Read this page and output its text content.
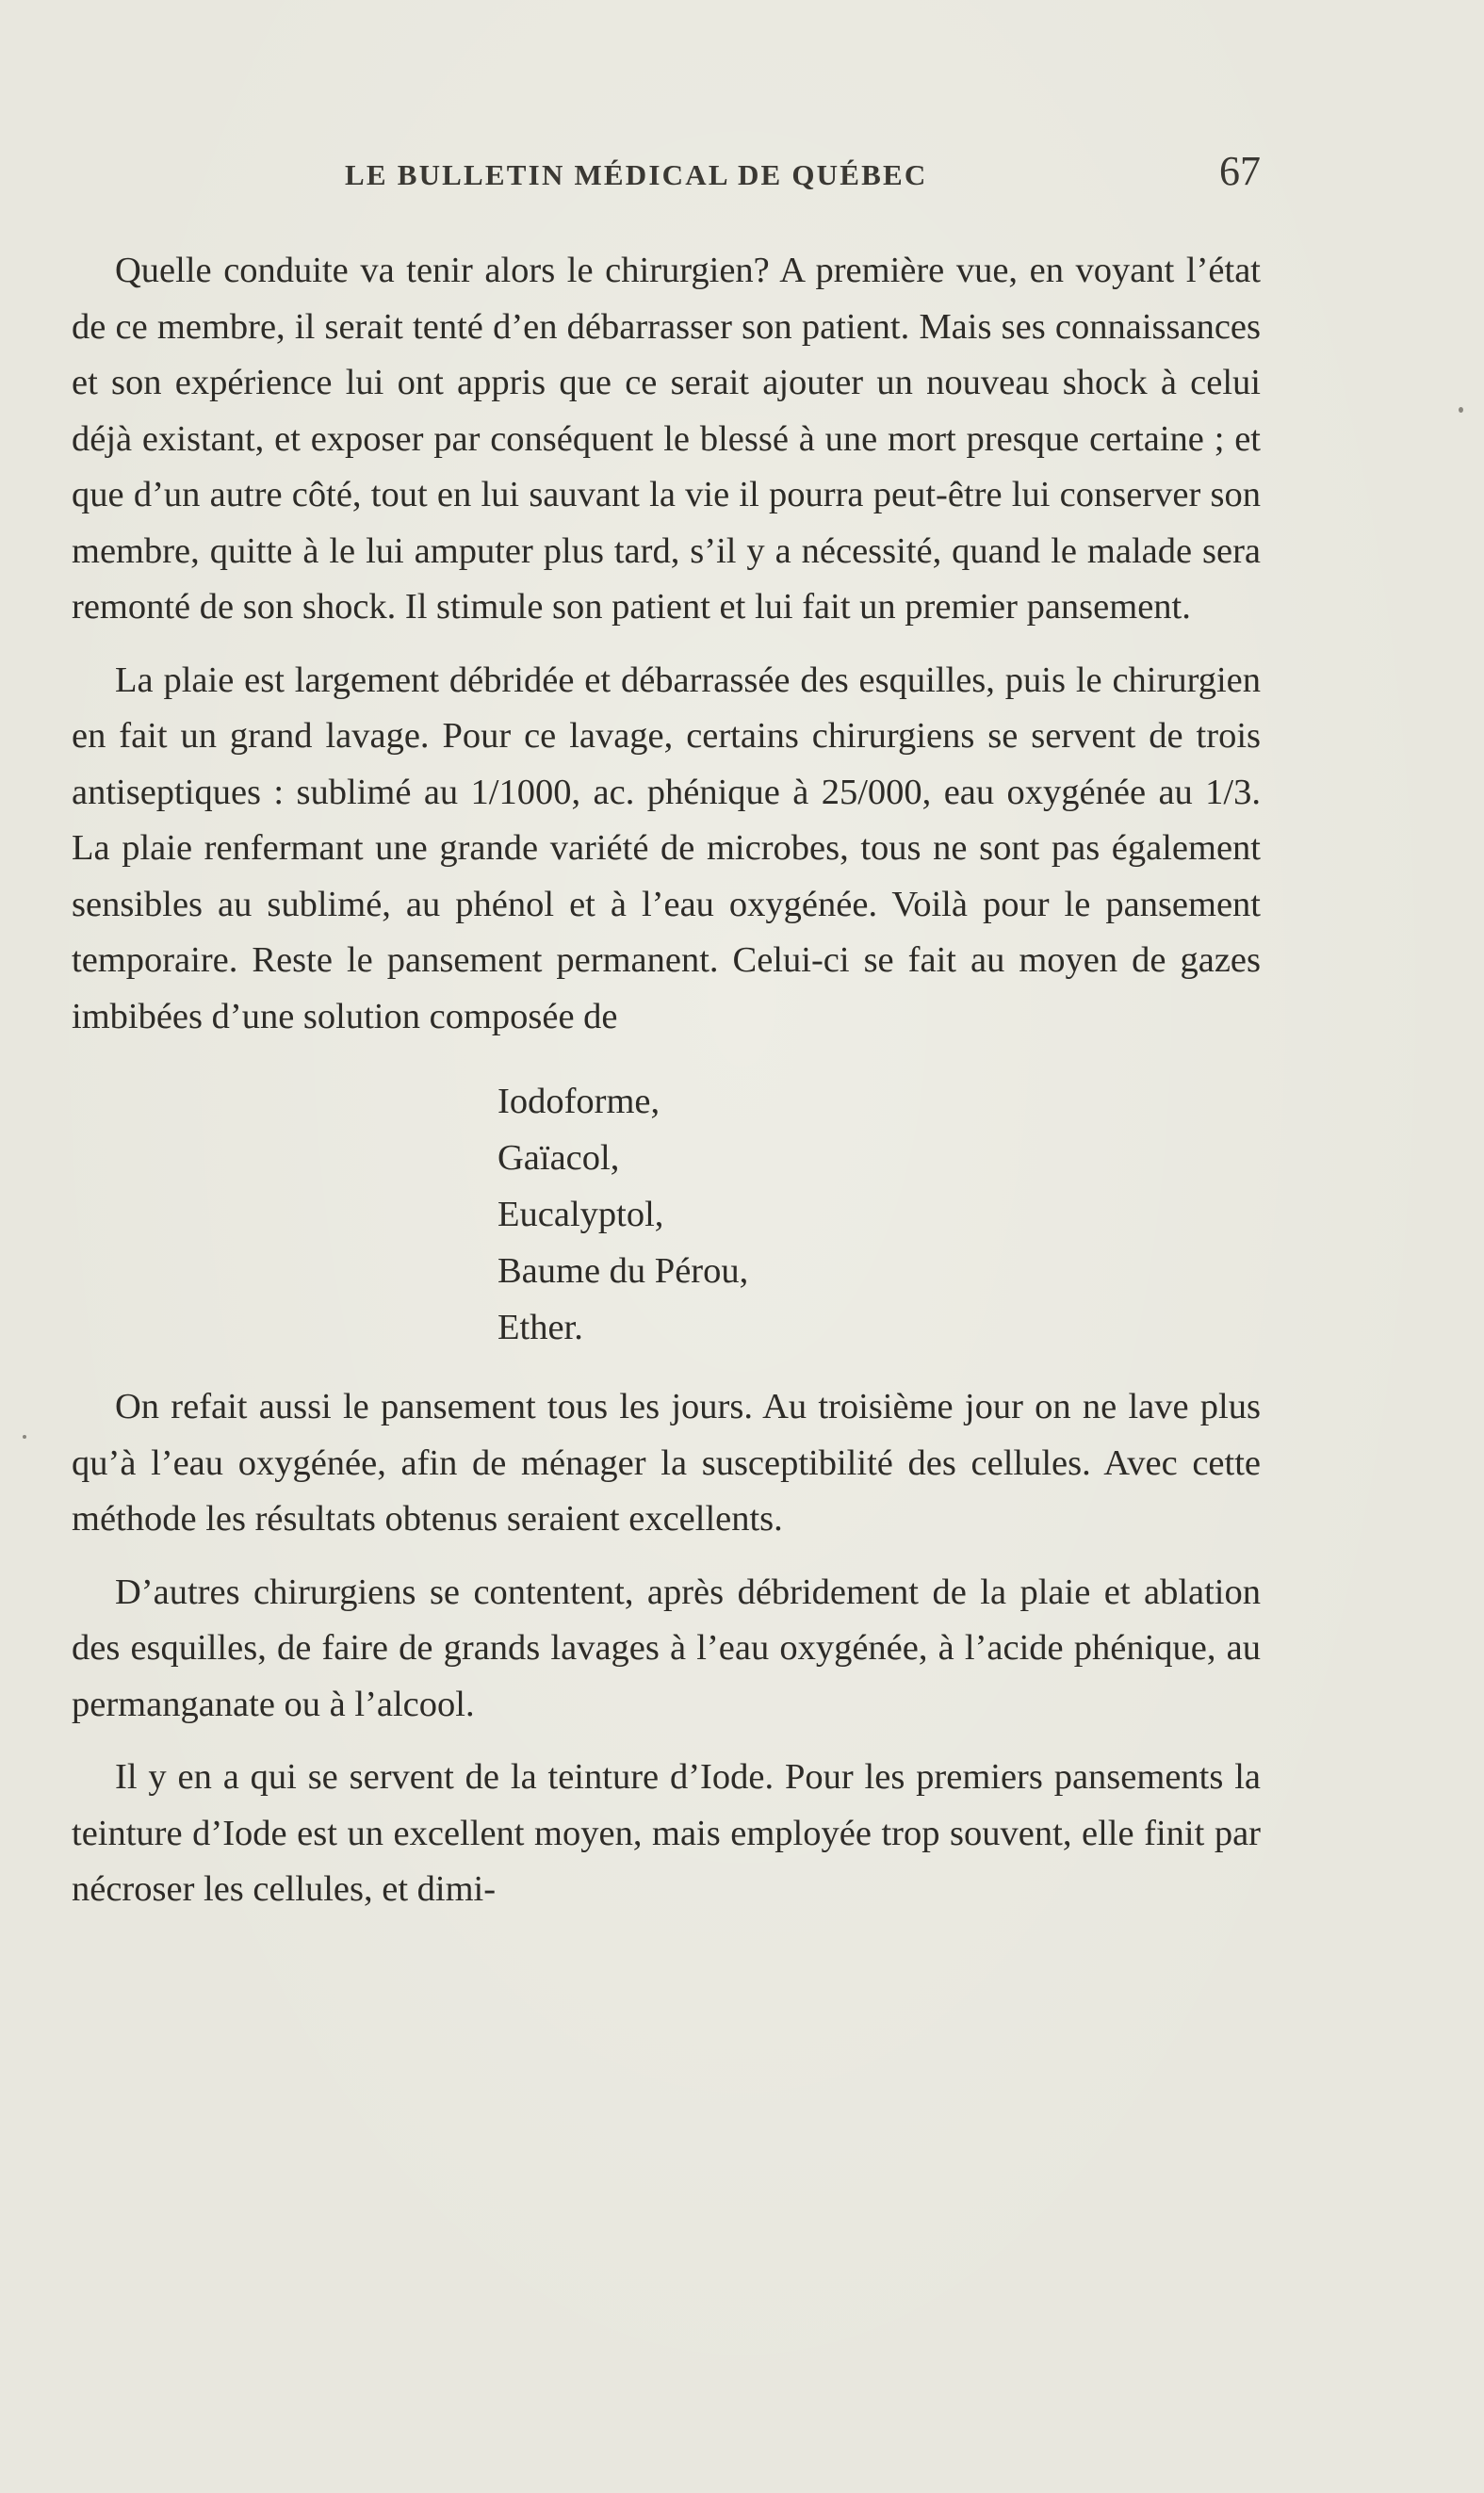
LE BULLETIN MÉDICAL DE QUÉBEC	67

Quelle conduite va tenir alors le chirurgien? A première vue, en voyant l’état de ce membre, il serait tenté d’en débarrasser son patient. Mais ses connaissances et son expérience lui ont appris que ce serait ajouter un nouveau shock à celui déjà existant, et exposer par conséquent le blessé à une mort presque certaine ; et que d’un autre côté, tout en lui sauvant la vie il pourra peut-être lui conserver son membre, quitte à le lui amputer plus tard, s’il y a nécessité, quand le malade sera remonté de son shock. Il stimule son patient et lui fait un premier pansement.

La plaie est largement débridée et débarrassée des esquilles, puis le chirurgien en fait un grand lavage. Pour ce lavage, certains chirurgiens se servent de trois antiseptiques : sublimé au 1/1000, ac. phénique à 25/000, eau oxygénée au 1/3. La plaie renfermant une grande variété de microbes, tous ne sont pas également sensibles au sublimé, au phénol et à l’eau oxygénée. Voilà pour le pansement temporaire. Reste le pansement permanent. Celui-ci se fait au moyen de gazes imbibées d’une solution composée de

Iodoforme,
Gaïacol,
Eucalyptol,
Baume du Pérou,
Ether.

On refait aussi le pansement tous les jours. Au troisième jour on ne lave plus qu’à l’eau oxygénée, afin de ménager la susceptibilité des cellules. Avec cette méthode les résultats obtenus seraient excellents.

D’autres chirurgiens se contentent, après débridement de la plaie et ablation des esquilles, de faire de grands lavages à l’eau oxygénée, à l’acide phénique, au permanganate ou à l’alcool.

Il y en a qui se servent de la teinture d’Iode. Pour les premiers pansements la teinture d’Iode est un excellent moyen, mais employée trop souvent, elle finit par nécroser les cellules, et dimi-
